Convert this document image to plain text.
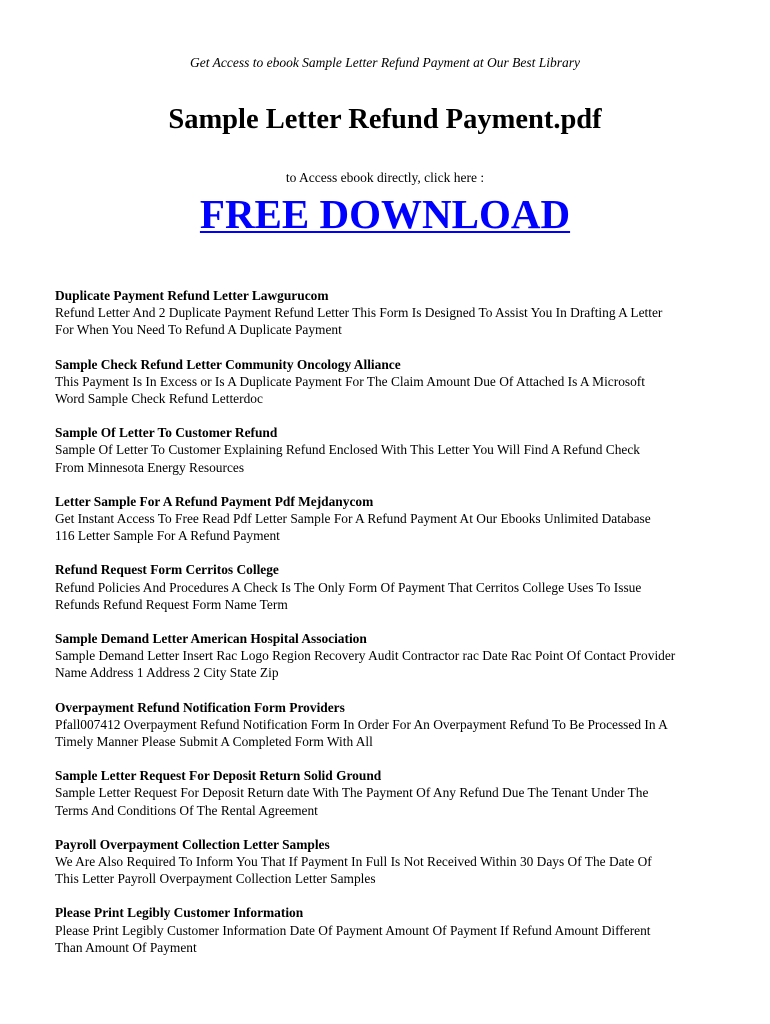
Get Access to ebook Sample Letter Refund Payment at Our Best Library
Sample Letter Refund Payment.pdf
to Access ebook directly, click here :
FREE DOWNLOAD
Duplicate Payment Refund Letter Lawgurucom
Refund Letter And 2 Duplicate Payment Refund Letter This Form Is Designed To Assist You In Drafting A Letter
For When You Need To Refund A Duplicate Payment
Sample Check Refund Letter Community Oncology Alliance
This Payment Is In Excess or Is A Duplicate Payment For The Claim Amount Due Of Attached Is A Microsoft
Word Sample Check Refund Letterdoc
Sample Of Letter To Customer Refund
Sample Of Letter To Customer Explaining Refund Enclosed With This Letter You Will Find A Refund Check
From Minnesota Energy Resources
Letter Sample For A Refund Payment Pdf Mejdanycom
Get Instant Access To Free Read Pdf Letter Sample For A Refund Payment At Our Ebooks Unlimited Database
116 Letter Sample For A Refund Payment
Refund Request Form Cerritos College
Refund Policies And Procedures A Check Is The Only Form Of Payment That Cerritos College Uses To Issue
Refunds Refund Request Form Name Term
Sample Demand Letter American Hospital Association
Sample Demand Letter Insert Rac Logo Region Recovery Audit Contractor rac Date Rac Point Of Contact Provider
Name Address 1 Address 2 City State Zip
Overpayment Refund Notification Form Providers
Pfall007412 Overpayment Refund Notification Form In Order For An Overpayment Refund To Be Processed In A
Timely Manner Please Submit A Completed Form With All
Sample Letter Request For Deposit Return Solid Ground
Sample Letter Request For Deposit Return date With The Payment Of Any Refund Due The Tenant Under The
Terms And Conditions Of The Rental Agreement
Payroll Overpayment Collection Letter Samples
We Are Also Required To Inform You That If Payment In Full Is Not Received Within 30 Days Of The Date Of
This Letter Payroll Overpayment Collection Letter Samples
Please Print Legibly Customer Information
Please Print Legibly Customer Information Date Of Payment Amount Of Payment If Refund Amount Different
Than Amount Of Payment
